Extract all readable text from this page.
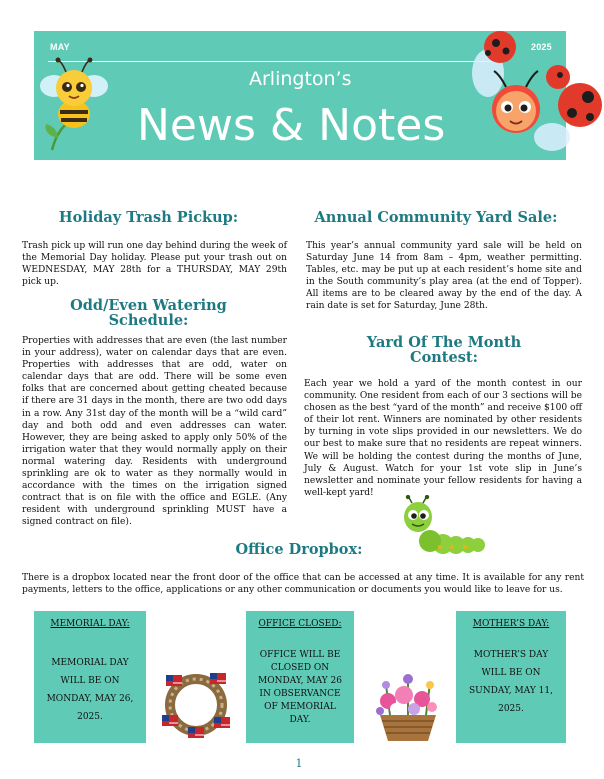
MAY	2025
Arlington’s
News & Notes
Holiday Trash Pickup:

Trash pick up will run one day behind during the week of the Memorial Day holiday. Please put your trash out on WEDNESDAY, MAY 28th for a THURSDAY, MAY 29th pick up.

Odd/Even Watering
Schedule:

Properties with addresses that are even (the last number in your address), water on calendar days that are even. Properties with addresses that are odd, water on calendar days that are odd. There will be some even folks that are concerned about getting cheated because if there are 31 days in the month, there are two odd days in a row. Any 31st day of the month will be a “wild card” day and both odd and even addresses can water. However, they are being asked to apply only 50% of the irrigation water that they would normally apply on their normal watering day. Residents with underground sprinkling are ok to water as they normally would in accordance with the times on the irrigation signed contract that is on file with the office and EGLE. (Any resident with underground sprinkling MUST have a signed contract on file).

Annual Community Yard Sale:

This year’s annual community yard sale will be held on Saturday June 14 from 8am – 4pm, weather permitting. Tables, etc. may be put up at each resident’s home site and in the South community’s play area (at the end of Topper). All items are to be cleared away by the end of the day. A rain date is set for Saturday, June 28th.

Yard Of The Month
Contest:

Each year we hold a yard of the month contest in our community. One resident from each of our 3 sections will be chosen as the best “yard of the month” and receive $100 off of their lot rent. Winners are nominated by other residents by turning in vote slips provided in our newsletters. We do our best to make sure that no residents are repeat winners. We will be holding the contest during the months of June, July & August. Watch for your 1st vote slip in June’s newsletter and nominate your fellow residents for having a well-kept yard!

Office Dropbox:

There is a dropbox located near the front door of the office that can be accessed at any time. It is available for any rent payments, letters to the office, applications or any other communication or documents you would like to leave for us.

MEMORIAL DAY:
MEMORIAL DAY
WILL BE ON
MONDAY, MAY 26,
2025.
OFFICE CLOSED:
OFFICE WILL BE
CLOSED ON
MONDAY, MAY 26
IN OBSERVANCE
OF MEMORIAL
DAY.
MOTHER’S DAY:
MOTHER’S DAY
WILL BE ON
SUNDAY, MAY 11,
2025.
1
